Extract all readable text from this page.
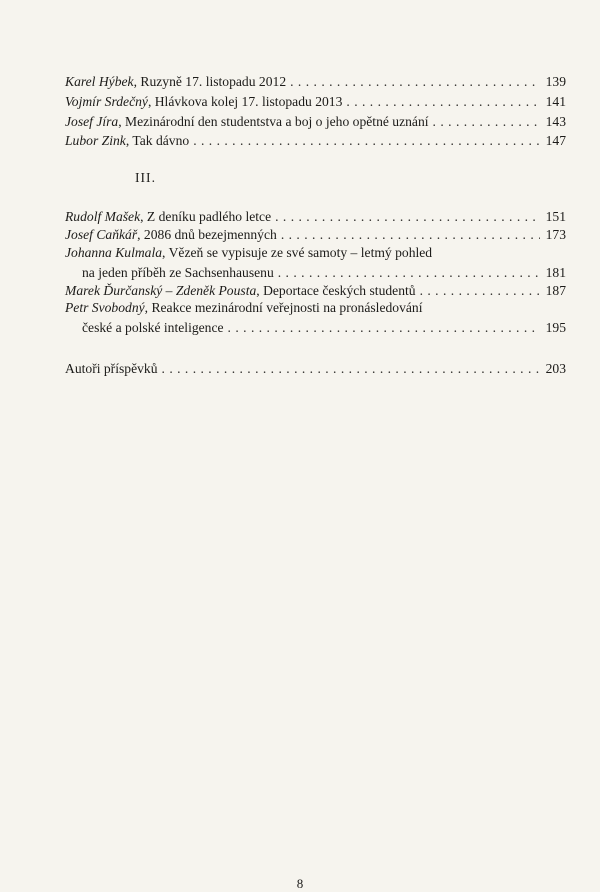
Karel Hýbek, Ruzyně 17. listopadu 2012 . . .	139
Vojmír Srdečný, Hlávkova kolej 17. listopadu 2013 . . .	141
Josef Jíra, Mezinárodní den studentstva a boj o jeho opětné uznání . . .	143
Lubor Zink, Tak dávno . . .	147
III.
Rudolf Mašek, Z deníku padlého letce . . .	151
Josef Caňkář, 2086 dnů bezejmenných . . .	173
Johanna Kulmala, Vězeň se vypisuje ze své samoty – letmý pohled
na jeden příběh ze Sachsenhausenu . . .	181
Marek Ďurčanský – Zdeněk Pousta, Deportace českých studentů . . .	187
Petr Svobodný, Reakce mezinárodní veřejnosti na pronásledování
české a polské inteligence . . .	195
Autoři příspěvků . . .	203
8
